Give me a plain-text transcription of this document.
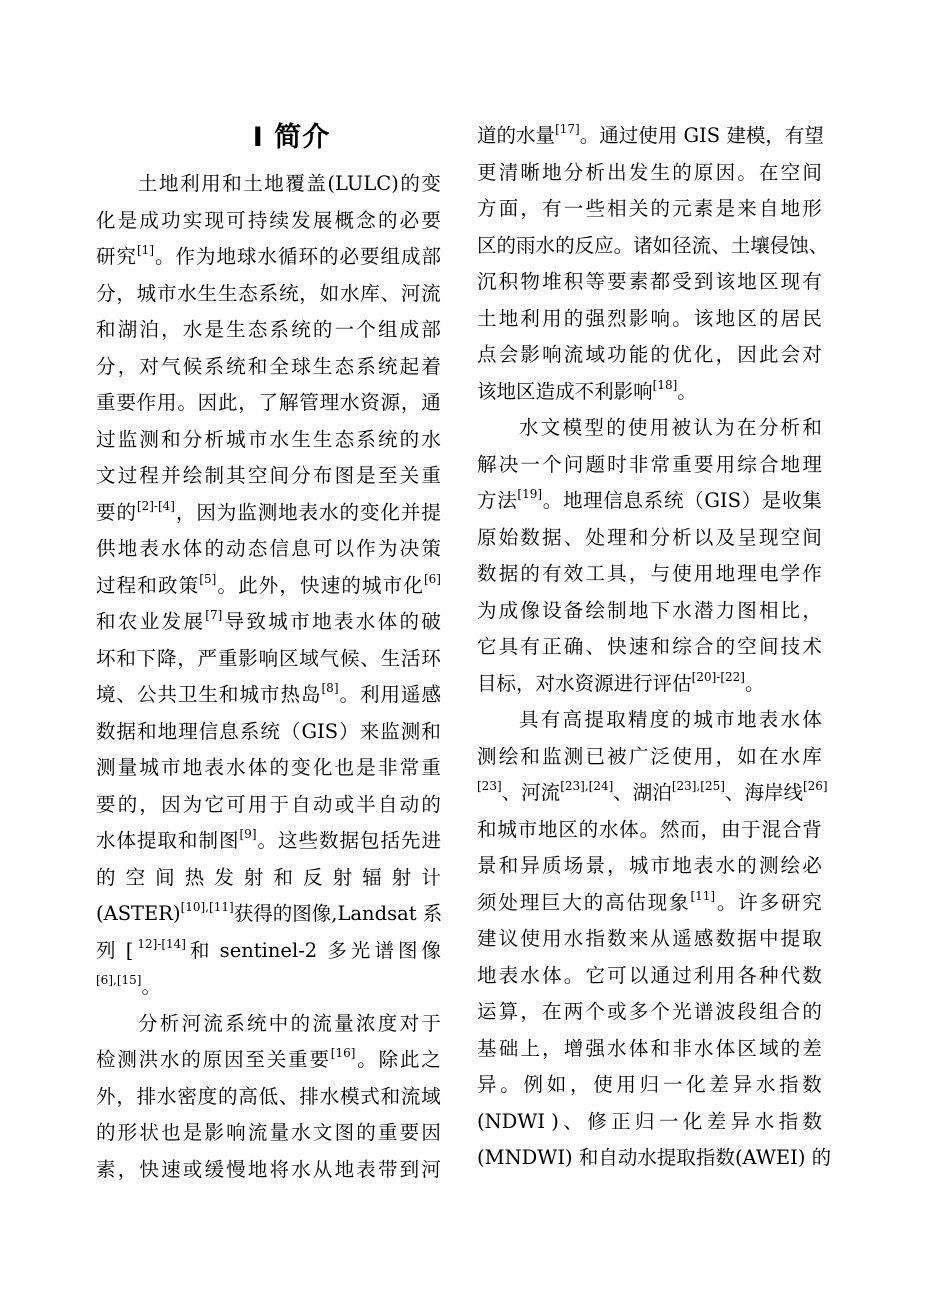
I 简介
土 地 利 用 和 土 地 覆 盖 (LULC) 的 变
化 是 成 功 实 现 可 持 续 发 展 概 念 的 必 要
研 究 [1] 。 作 为 地 球 水 循 环 的 必 要 组 成 部
分 ， 城 市 水 生 生 态 系 统 ， 如 水 库 、 河 流
和 湖 泊 ， 水 是 生 态 系 统 的 一 个 组 成 部
分 ， 对 气 候 系 统 和 全 球 生 态 系 统 起 着
重 要 作 用 。 因 此 ， 了 解 管 理 水 资 源 ， 通
过 监 测 和 分 析 城 市 水 生 生 态 系 统 的 水
文 过 程 并 绘 制 其 空 间 分 布 图 是 至 关 重
要 的 [2]-[4] ， 因 为 监 测 地 表 水 的 变 化 并 提
供 地 表 水 体 的 动 态 信 息 可 以 作 为 决 策
过 程 和 政 策 [5] 。 此 外 ， 快 速 的 城 市 化 [6]
和 农 业 发 展 [7] 导 致 城 市 地 表 水 体 的 破
坏 和 下 降 ， 严 重 影 响 区 域 气 候 、 生 活 环
境 、 公 共 卫 生 和 城 市 热 岛 [8] 。 利 用 遥 感
数 据 和 地 理 信 息 系 统 （ GIS ） 来 监 测 和
测 量 城 市 地 表 水 体 的 变 化 也 是 非 常 重
要 的 ， 因 为 它 可 用 于 自 动 或 半 自 动 的
水 体 提 取 和 制 图 [9] 。 这 些 数 据 包 括 先 进
的 空 间 热 发 射 和 反 射 辐 射 计
(ASTER) [10],[11] 获 得 的 图 像 ,Landsat 系
列 [ 12]-[14] 和 sentinel-2 多 光 谱 图 像
[6],[15] 。
分 析 河 流 系 统 中 的 流 量 浓 度 对 于
检 测 洪 水 的 原 因 至 关 重 要 [16] 。 除 此 之
外 ， 排 水 密 度 的 高 低 、 排 水 模 式 和 流 域
的 形 状 也 是 影 响 流 量 水 文 图 的 重 要 因
素 ， 快 速 或 缓 慢 地 将 水 从 地 表 带 到 河
道 的 水 量 [17] 。 通 过 使 用 GIS 建 模 ， 有 望
更 清 晰 地 分 析 出 发 生 的 原 因 。 在 空 间
方 面 ， 有 一 些 相 关 的 元 素 是 来 自 地 形
区 的 雨 水 的 反 应 。 诸 如 径 流 、 土 壤 侵 蚀 、
沉 积 物 堆 积 等 要 素 都 受 到 该 地 区 现 有
土 地 利 用 的 强 烈 影 响 。 该 地 区 的 居 民
点 会 影 响 流 域 功 能 的 优 化 ， 因 此 会 对
该 地 区 造 成 不 利 影 响 [18] 。
水 文 模 型 的 使 用 被 认 为 在 分 析 和
解 决 一 个 问 题 时 非 常 重 要 用 综 合 地 理
方 法 [19] 。 地 理 信 息 系 统 （ GIS ） 是 收 集
原 始 数 据 、 处 理 和 分 析 以 及 呈 现 空 间
数 据 的 有 效 工 具 ， 与 使 用 地 理 电 学 作
为 成 像 设 备 绘 制 地 下 水 潜 力 图 相 比 ，
它 具 有 正 确 、 快 速 和 综 合 的 空 间 技 术
目 标 ， 对 水 资 源 进 行 评 估 [20]-[22] 。
具 有 高 提 取 精 度 的 城 市 地 表 水 体
测 绘 和 监 测 已 被 广 泛 使 用 ， 如 在 水 库
[23] 、 河 流 [23],[24] 、 湖 泊 [23],[25] 、 海 岸 线 [26]
和 城 市 地 区 的 水 体 。 然 而 ， 由 于 混 合 背
景 和 异 质 场 景 ， 城 市 地 表 水 的 测 绘 必
须 处 理 巨 大 的 高 估 现 象 [11] 。 许 多 研 究
建 议 使 用 水 指 数 来 从 遥 感 数 据 中 提 取
地 表 水 体 。 它 可 以 通 过 利 用 各 种 代 数
运 算 ， 在 两 个 或 多 个 光 谱 波 段 组 合 的
基 础 上 ， 增 强 水 体 和 非 水 体 区 域 的 差
异 。 例 如 ， 使 用 归 一 化 差 异 水 指 数
(NDWI ) 、 修 正 归 一 化 差 异 水 指 数
(MNDWI) 和 自 动 水 提 取 指 数 (AWEI) 的
